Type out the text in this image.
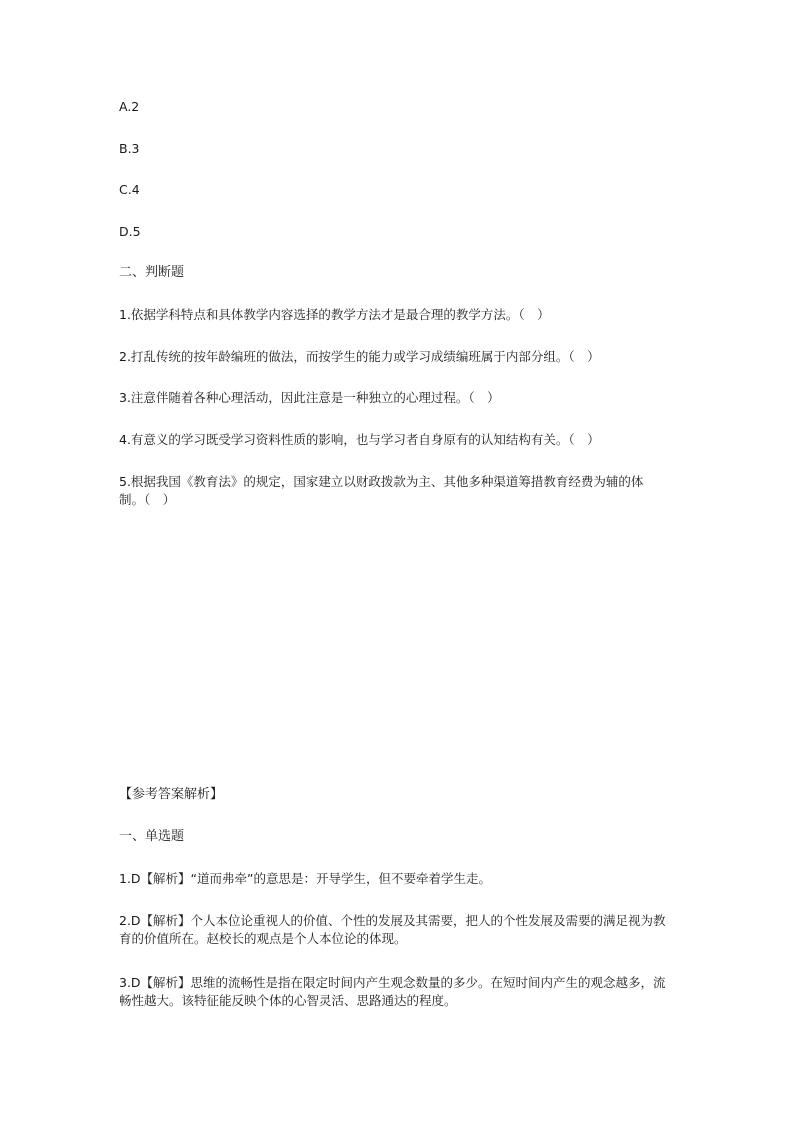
A.2
B.3
C.4
D.5
二、判断题
1.依据学科特点和具体教学内容选择的教学方法才是最合理的教学方法。（　）
2.打乱传统的按年龄编班的做法，而按学生的能力或学习成绩编班属于内部分组。（　）
3.注意伴随着各种心理活动，因此注意是一种独立的心理过程。（　）
4.有意义的学习既受学习资料性质的影响，也与学习者自身原有的认知结构有关。（　）
5.根据我国《教育法》的规定，国家建立以财政拨款为主、其他多种渠道筹措教育经费为辅的体制。（　）
【参考答案解析】
一、单选题
1.D【解析】“道而弗牵”的意思是：开导学生，但不要牵着学生走。
2.D【解析】个人本位论重视人的价值、个性的发展及其需要，把人的个性发展及需要的满足视为教育的价值所在。赵校长的观点是个人本位论的体现。
3.D【解析】思维的流畅性是指在限定时间内产生观念数量的多少。在短时间内产生的观念越多，流畅性越大。该特征能反映个体的心智灵活、思路通达的程度。
